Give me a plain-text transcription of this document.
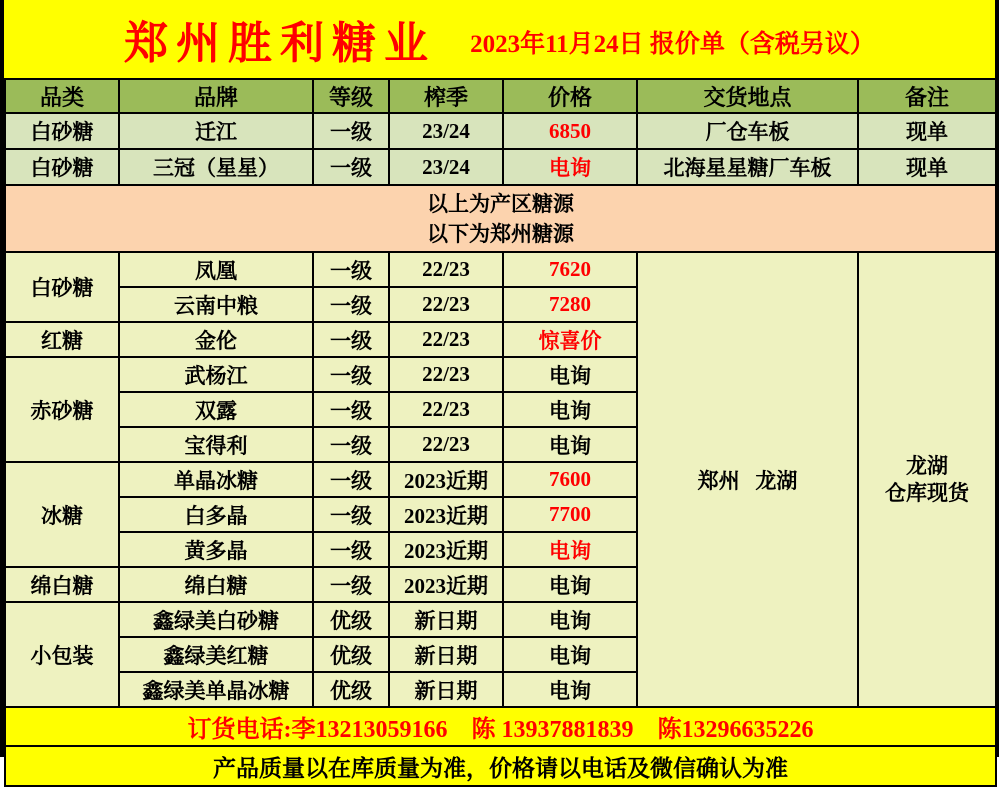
郑州胜利糖业 2023年11月24日 报价单（含税另议）
品类	品牌	等级	榨季	价格	交货地点	备注
白砂糖	迁江	一级	23/24	6850	厂仓车板	现单
白砂糖	三冠（星星）	一级	23/24	电询	北海星星糖厂车板	现单

以上为产区糖源
以下为郑州糖源						

白砂糖	凤凰	一级	22/23	7620	郑州   龙湖	龙湖
仓库现货

	云南中粮	一级	22/23	7280		
红糖	金伦	一级	22/23	惊喜价		
赤砂糖	武杨江	一级	22/23	电询		
	双露	一级	22/23	电询		
	宝得利	一级	22/23	电询		
冰糖	单晶冰糖	一级	2023近期	7600		
	白多晶	一级	2023近期	7700		
	黄多晶	一级	2023近期	电询		
绵白糖	绵白糖	一级	2023近期	电询		
小包装	鑫绿美白砂糖	优级	新日期	电询		
	鑫绿美红糖	优级	新日期	电询		
	鑫绿美单晶冰糖	优级	新日期	电询		
订货电话:李13213059166    陈 13937881839    陈13296635226						
产品质量以在库质量为准，价格请以电话及微信确认为准						
